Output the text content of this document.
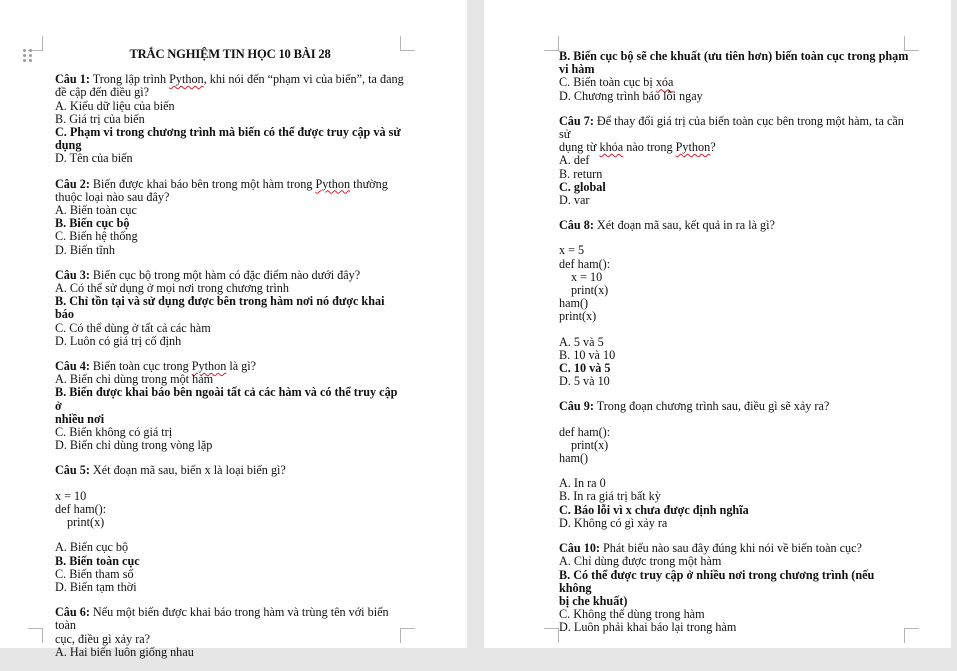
TRẮC NGHIỆM TIN HỌC 10 BÀI 28
Câu 1: Trong lập trình Python, khi nói đến “phạm vi của biến”, ta đang
đề cập đến điều gì?
A. Kiểu dữ liệu của biến
B. Giá trị của biến
C. Phạm vi trong chương trình mà biến có thể được truy cập và sử
dụng
D. Tên của biến
Câu 2: Biến được khai báo bên trong một hàm trong Python thường
thuộc loại nào sau đây?
A. Biến toàn cục
B. Biến cục bộ
C. Biến hệ thống
D. Biến tĩnh
Câu 3: Biến cục bộ trong một hàm có đặc điểm nào dưới đây?
A. Có thể sử dụng ở mọi nơi trong chương trình
B. Chỉ tồn tại và sử dụng được bên trong hàm nơi nó được khai báo
C. Có thể dùng ở tất cả các hàm
D. Luôn có giá trị cố định
Câu 4: Biến toàn cục trong Python là gì?
A. Biến chỉ dùng trong một hàm
B. Biến được khai báo bên ngoài tất cả các hàm và có thể truy cập ở
nhiều nơi
C. Biến không có giá trị
D. Biến chỉ dùng trong vòng lặp
Câu 5: Xét đoạn mã sau, biến x là loại biến gì?
x = 10
def ham():
print(x)
A. Biến cục bộ
B. Biến toàn cục
C. Biến tham số
D. Biến tạm thời
Câu 6: Nếu một biến được khai báo trong hàm và trùng tên với biến toàn
cục, điều gì xảy ra?
A. Hai biến luôn giống nhau
B. Biến cục bộ sẽ che khuất (ưu tiên hơn) biến toàn cục trong phạm
vi hàm
C. Biến toàn cục bị xóa
D. Chương trình báo lỗi ngay
Câu 7: Để thay đổi giá trị của biến toàn cục bên trong một hàm, ta cần sử
dụng từ khóa nào trong Python?
A. def
B. return
C. global
D. var
Câu 8: Xét đoạn mã sau, kết quả in ra là gì?
x = 5
def ham():
x = 10
print(x)
ham()
print(x)
A. 5 và 5
B. 10 và 10
C. 10 và 5
D. 5 và 10
Câu 9: Trong đoạn chương trình sau, điều gì sẽ xảy ra?
def ham():
print(x)
ham()
A. In ra 0
B. In ra giá trị bất kỳ
C. Báo lỗi vì x chưa được định nghĩa
D. Không có gì xảy ra
Câu 10: Phát biểu nào sau đây đúng khi nói về biến toàn cục?
A. Chỉ dùng được trong một hàm
B. Có thể được truy cập ở nhiều nơi trong chương trình (nếu không
bị che khuất)
C. Không thể dùng trong hàm
D. Luôn phải khai báo lại trong hàm
